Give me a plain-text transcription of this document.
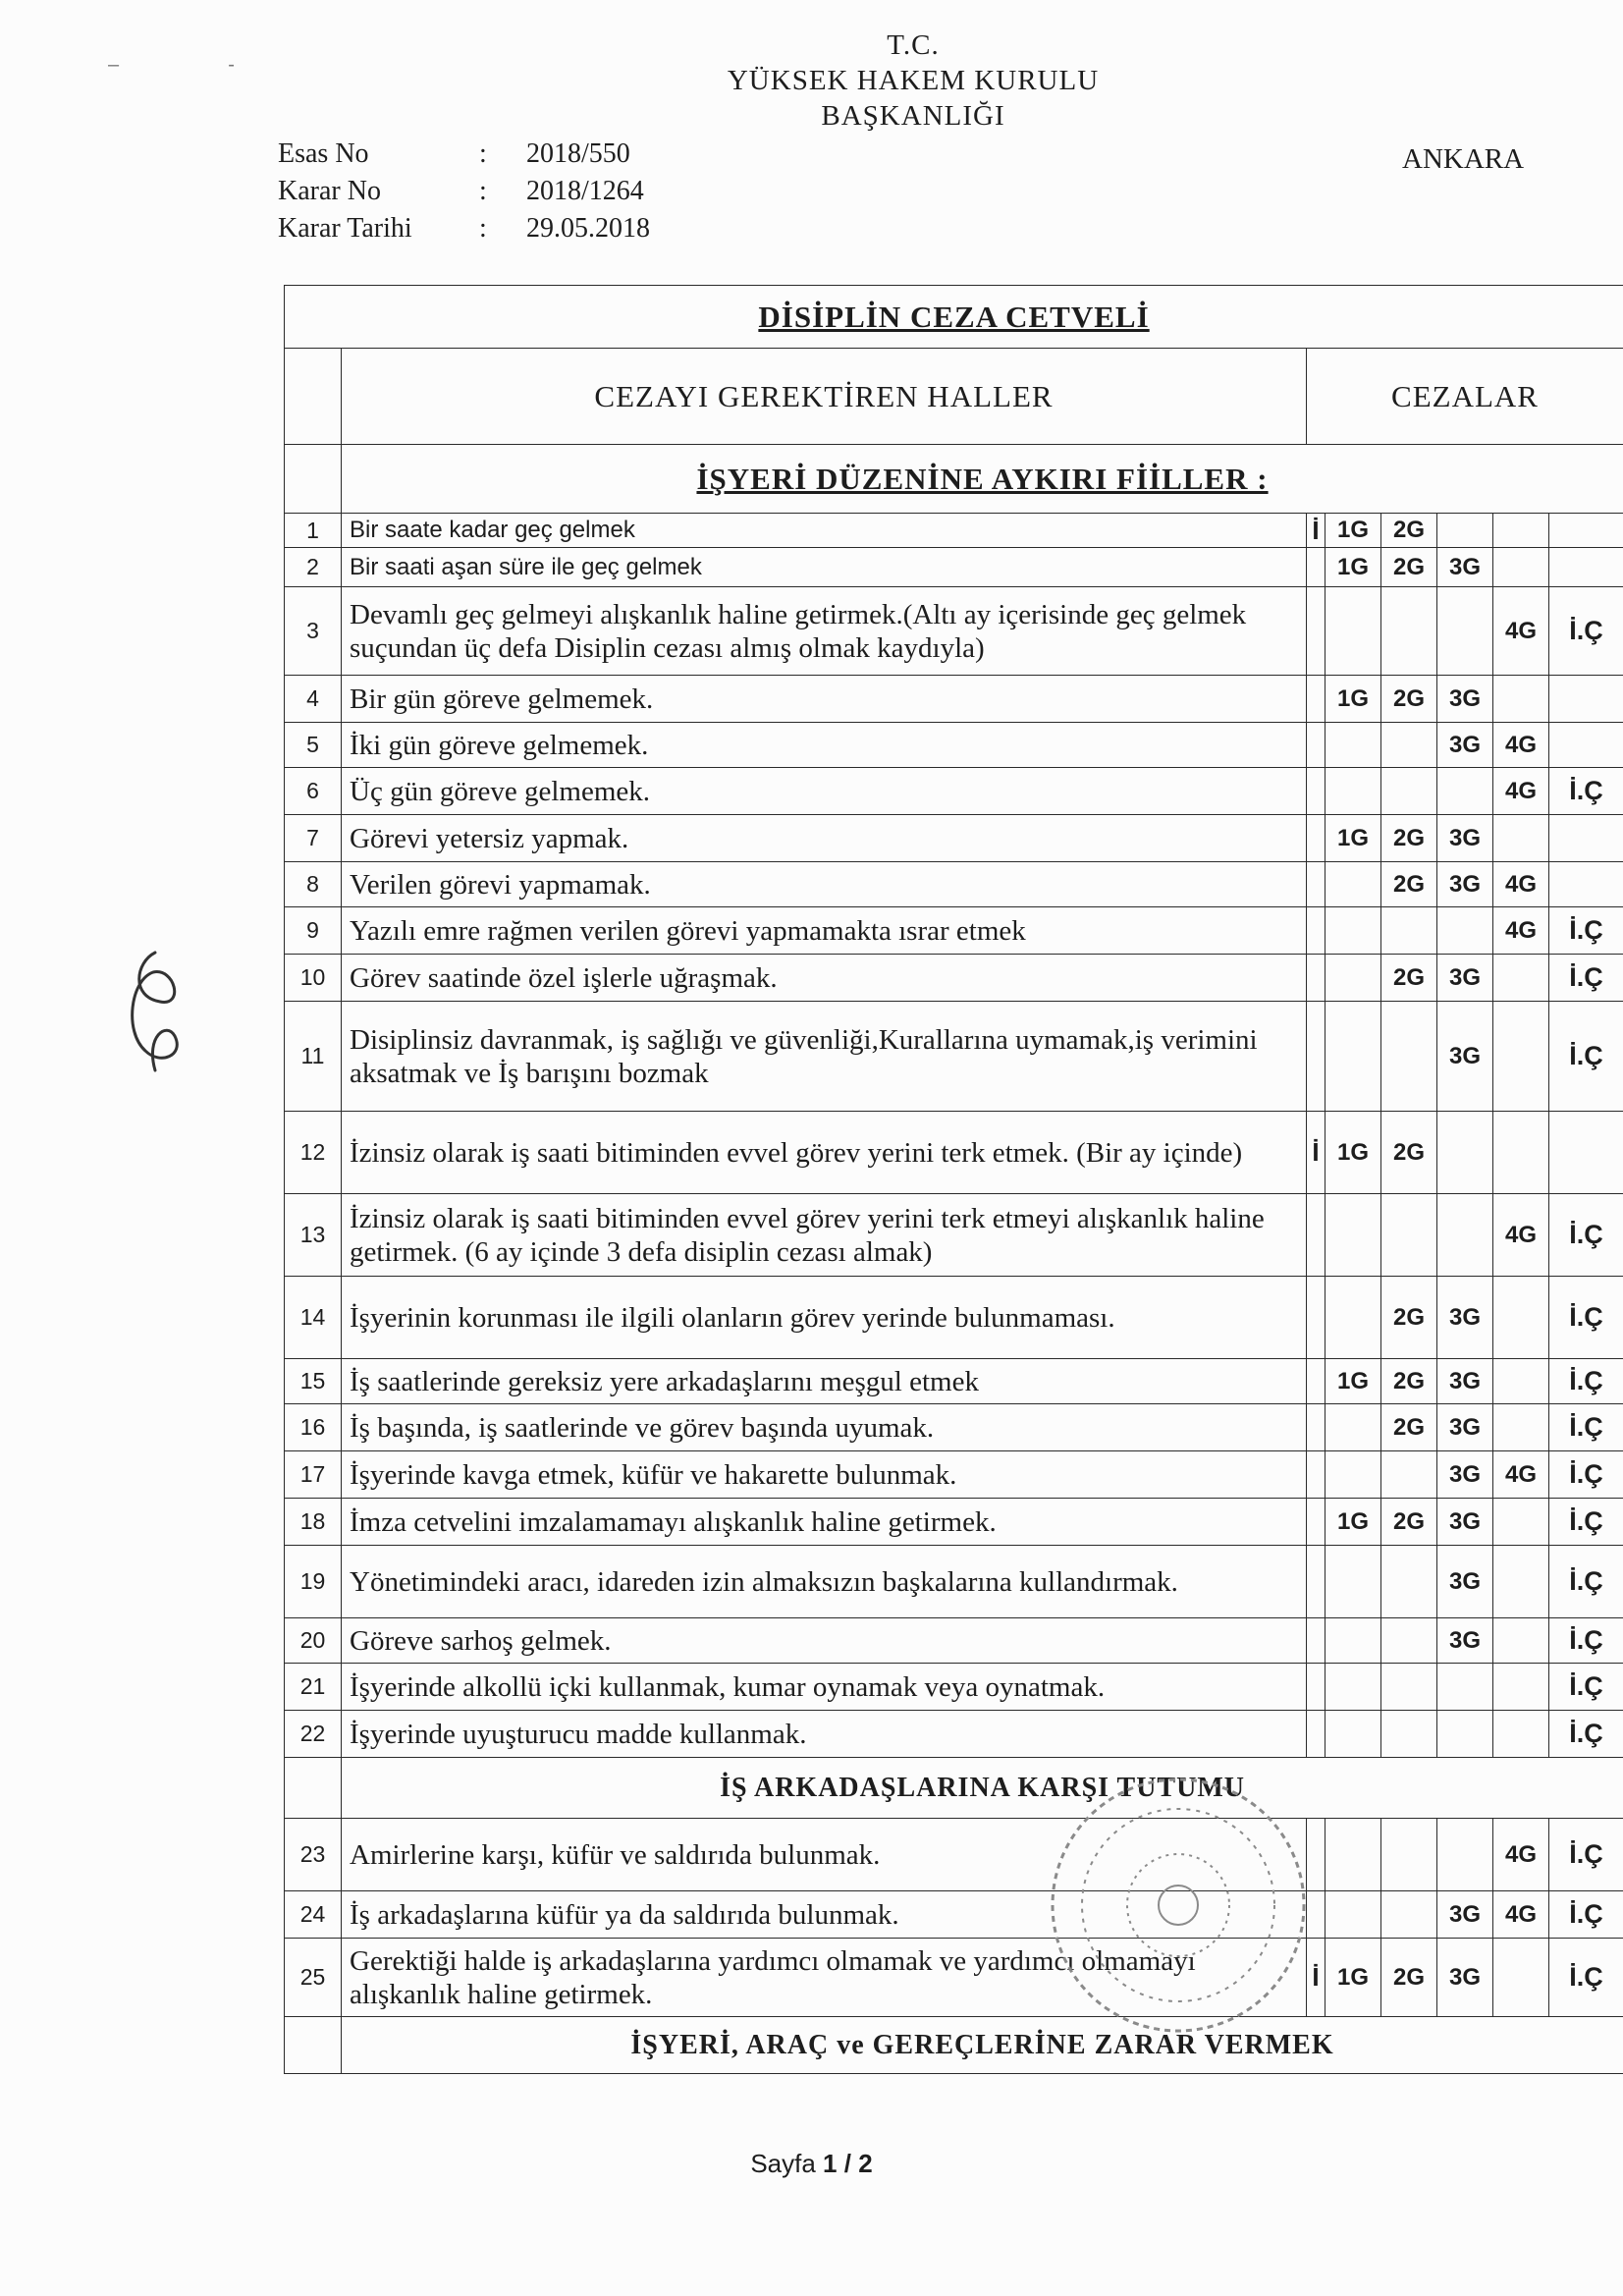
‒                    -
T.C.
YÜKSEK HAKEM KURULU
BAŞKANLIĞI
ANKARA
Esas No	: 2018/550
Karar No	: 2018/1264
Karar Tarihi : 29.05.2018
DİSİPLİN CEZA CETVELİ							
	CEZAYI GEREKTİREN HALLER	CEZALAR					
	İŞYERİ DÜZENİNE AYKIRI FİİLLER :						
1	Bir saate kadar geç gelmek	İ	1G	2G			
2	Bir saati aşan süre ile geç gelmek		1G	2G	3G		
3	Devamlı geç gelmeyi alışkanlık haline getirmek.(Altı ay içerisinde geç gelmek suçundan üç defa Disiplin cezası almış olmak kaydıyla)					4G	İ.Ç
4	Bir gün göreve gelmemek.		1G	2G	3G		
5	İki gün göreve gelmemek.				3G	4G	
6	Üç gün göreve gelmemek.					4G	İ.Ç
7	Görevi yetersiz yapmak.		1G	2G	3G		
8	Verilen görevi yapmamak.			2G	3G	4G	
9	Yazılı emre rağmen verilen görevi yapmamakta ısrar etmek					4G	İ.Ç
10	Görev saatinde özel işlerle uğraşmak.			2G	3G		İ.Ç
11	Disiplinsiz davranmak, iş sağlığı ve güvenliği,Kurallarına uymamak,iş verimini aksatmak ve İş barışını bozmak				3G		İ.Ç
12	İzinsiz olarak iş saati bitiminden evvel görev yerini terk etmek. (Bir ay içinde)	İ	1G	2G			
13	İzinsiz olarak iş saati bitiminden evvel görev yerini terk etmeyi alışkanlık haline getirmek. (6 ay içinde 3 defa disiplin cezası almak)					4G	İ.Ç
14	İşyerinin korunması ile ilgili olanların görev yerinde bulunmaması.			2G	3G		İ.Ç
15	İş saatlerinde gereksiz yere arkadaşlarını meşgul etmek		1G	2G	3G		İ.Ç
16	İş başında, iş saatlerinde ve görev başında uyumak.			2G	3G		İ.Ç
17	İşyerinde kavga etmek, küfür ve hakarette bulunmak.				3G	4G	İ.Ç
18	İmza cetvelini imzalamamayı alışkanlık haline getirmek.		1G	2G	3G		İ.Ç
19	Yönetimindeki aracı, idareden izin almaksızın başkalarına kullandırmak.				3G		İ.Ç
20	Göreve sarhoş gelmek.				3G		İ.Ç
21	İşyerinde alkollü içki kullanmak, kumar oynamak veya oynatmak.						İ.Ç
22	İşyerinde uyuşturucu madde kullanmak.						İ.Ç
	İŞ ARKADAŞLARINA KARŞI TUTUMU						
23	Amirlerine karşı, küfür ve saldırıda bulunmak.					4G	İ.Ç
24	İş arkadaşlarına küfür ya da saldırıda bulunmak.				3G	4G	İ.Ç
25	Gerektiği halde iş arkadaşlarına yardımcı olmamak ve yardımcı olmamayı alışkanlık haline getirmek.	İ	1G	2G	3G		İ.Ç
	İŞYERİ, ARAÇ ve GEREÇLERİNE ZARAR VERMEK						
Sayfa 1 / 2
